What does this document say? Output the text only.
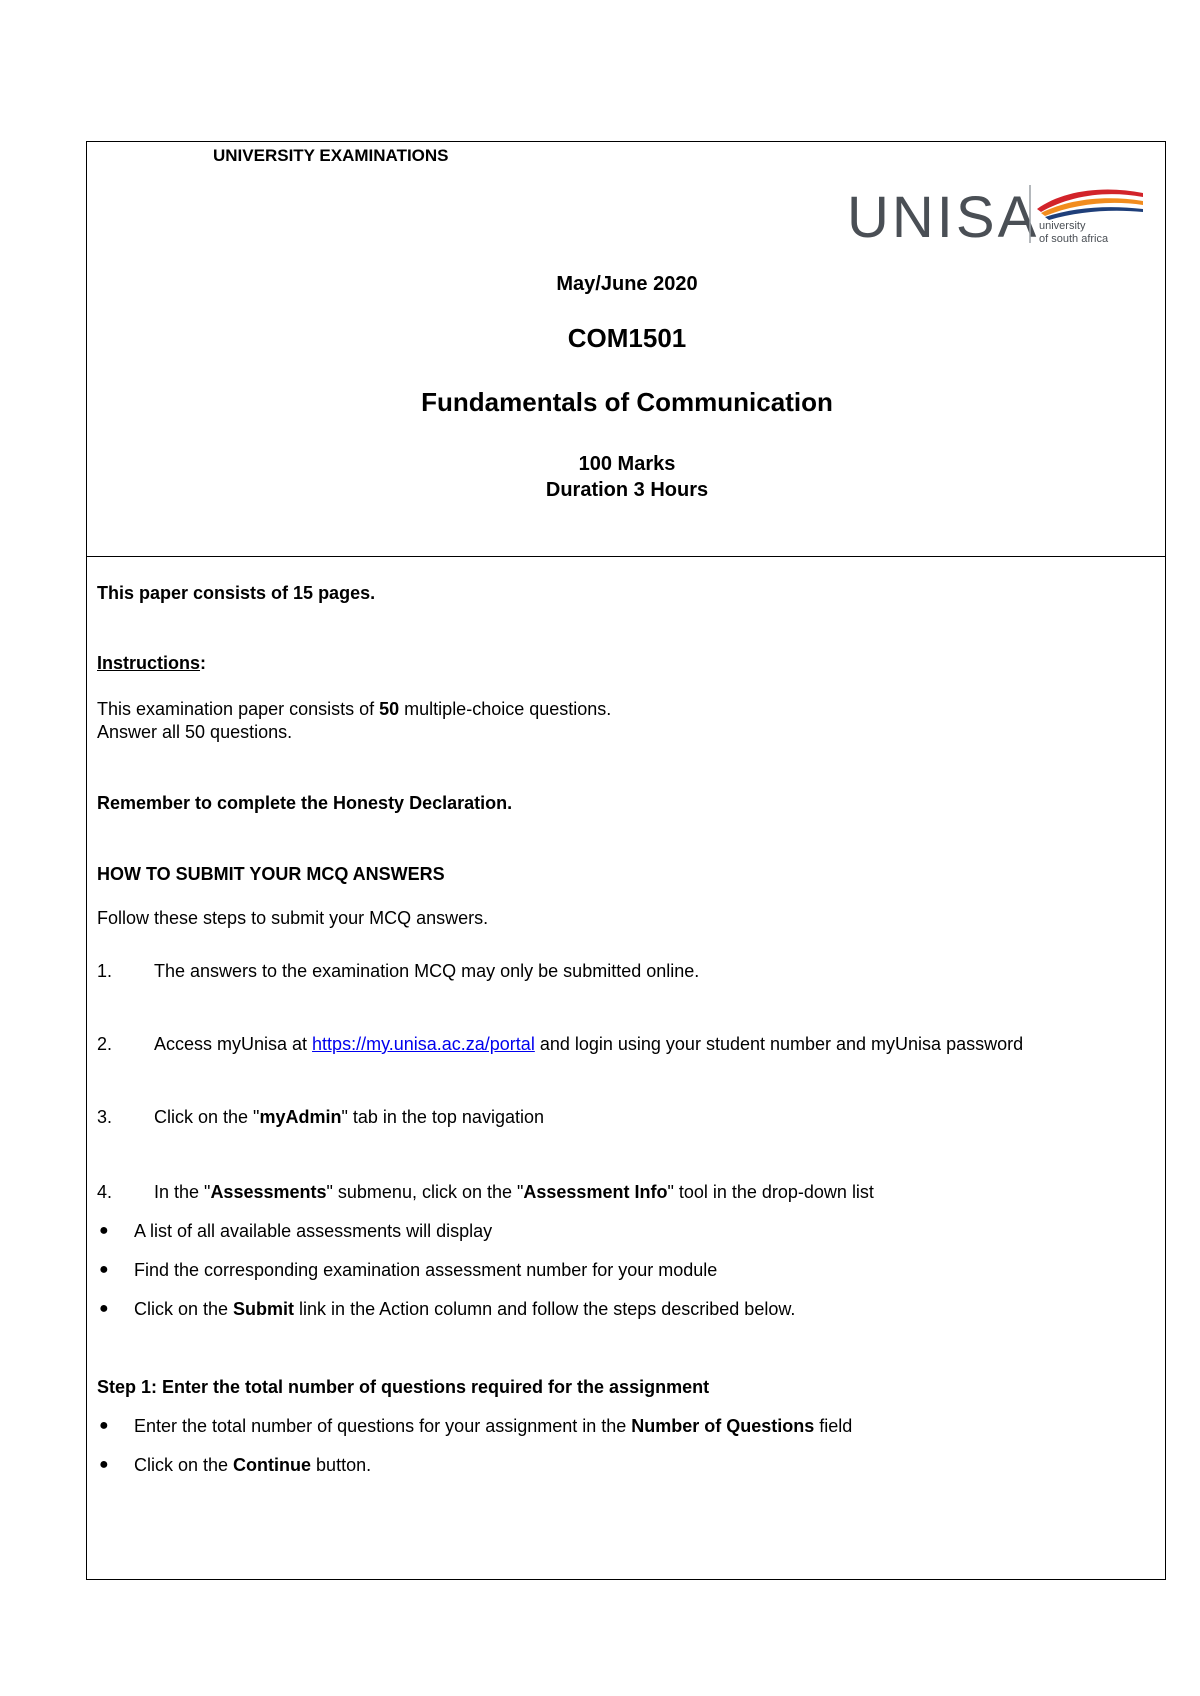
UNIVERSITY EXAMINATIONS
UNISA university
of south africa
May/June 2020
COM1501
Fundamentals of Communication
100 Marks
Duration 3 Hours
This paper consists of 15 pages.
Instructions:
This examination paper consists of 50 multiple-choice questions.
Answer all 50 questions.
Remember to complete the Honesty Declaration.
HOW TO SUBMIT YOUR MCQ ANSWERS
Follow these steps to submit your MCQ answers.
1. The answers to the examination MCQ may only be submitted online.
2. Access myUnisa at https://my.unisa.ac.za/portal and login using your student number and myUnisa password
3. Click on the "myAdmin" tab in the top navigation
4. In the "Assessments" submenu, click on the "Assessment Info" tool in the drop-down list
● A list of all available assessments will display
● Find the corresponding examination assessment number for your module
● Click on the Submit link in the Action column and follow the steps described below.
Step 1: Enter the total number of questions required for the assignment
● Enter the total number of questions for your assignment in the Number of Questions field
● Click on the Continue button.
